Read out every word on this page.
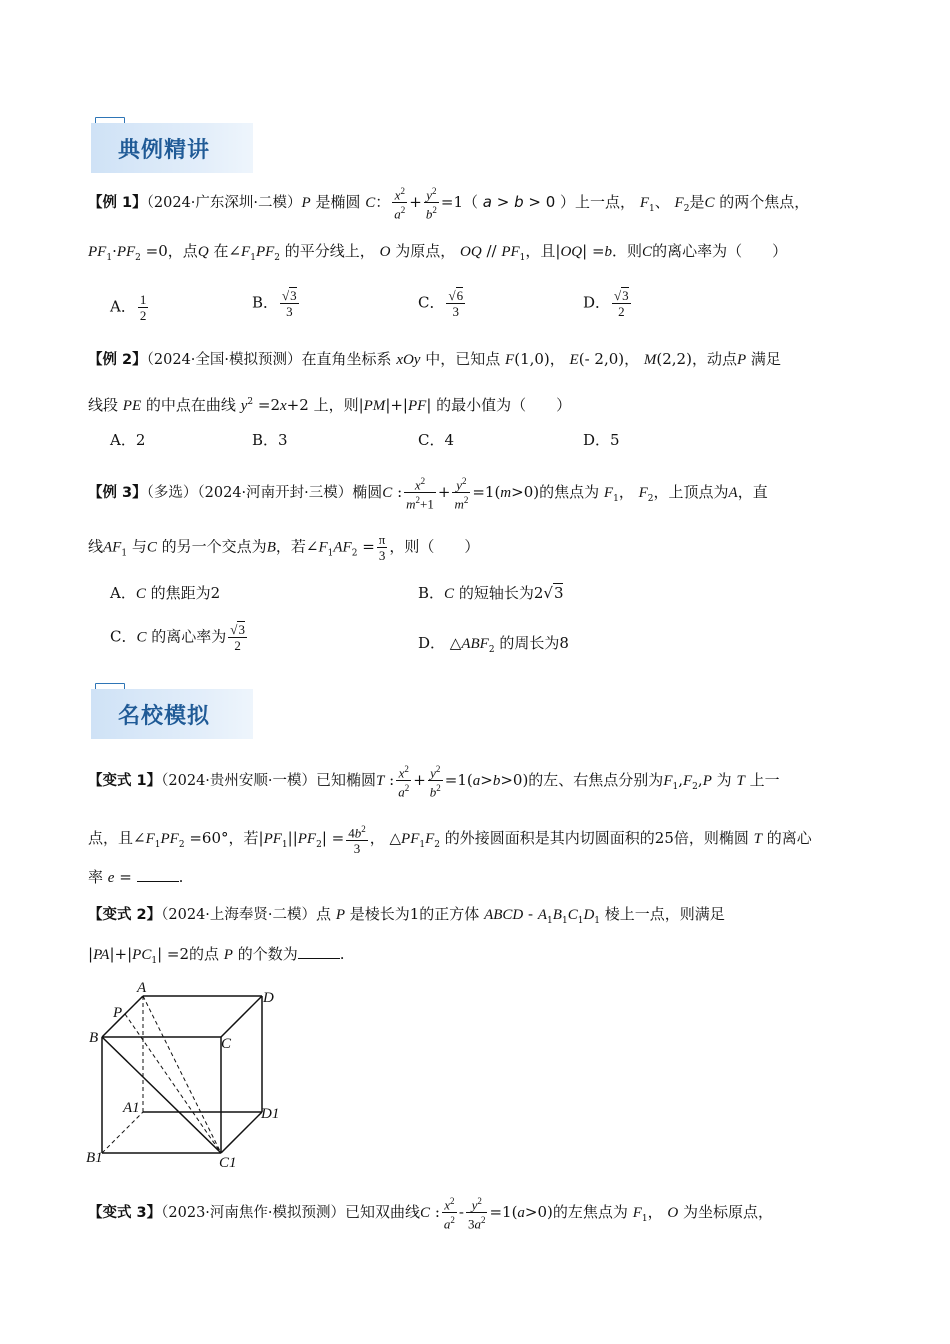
典例精讲
【例 1】（2024·广东深圳·二模）P 是椭圆 C： $\frac{x^2}{a^2} + \frac{y^2}{b^2} =1$（ a > b > 0 ）上一点， $F_1$、 $F_2$是C 的两个焦点，
$PF_1\cdot PF_2 =0$，点Q 在$\angle F_1PF_2$ 的平分线上， O 为原点， OQ // $PF_1$，且|OQ| =b．则C的离心率为（　　）
A． $\frac{1}{2}$	B． $\frac{√3}{3}$	C． $\frac{√6}{3}$	D． $\frac{√3}{2}$
【例 2】（2024·全国·模拟预测）在直角坐标系 xOy 中，已知点 F(1,0)， E(- 2,0)， M(2,2)，动点P 满足
线段 PE 的中点在曲线 $y^2 =2x+2$ 上，则|PM|+|PF| 的最小值为（　　）
A．2	B．3	C．4	D．5
【例 3】（多选）（2024·河南开封·三模）椭圆C : $\frac{x^2}{m^2+1} + \frac{y^2}{m^2} =1(m>0)$的焦点为 $F_1$， $F_2$，上顶点为A，直
线$AF_1$ 与C 的另一个交点为B，若$\angle F_1AF_2 = \frac{\pi}{3}$ ，则（　　）
A．C 的焦距为2	B．C 的短轴长为2√3
C．C 的离心率为 $\frac{√3}{2}$	D． $\triangle ABF_2$ 的周长为8
名校模拟
【变式 1】（2024·贵州安顺·一模）已知椭圆T : $\frac{x^2}{a^2} + \frac{y^2}{b^2} =1(a>b>0)$的左、右焦点分别为$F_1,F_2,P$ 为 T 上一
点，且$\angle F_1PF_2 =60^\circ$，若$|PF_1||PF_2| = \frac{4b^2}{3}$ ， $\triangle PF_1F_2$ 的外接圆面积是其内切圆面积的25倍，则椭圆 T 的离心
率 e =	.
【变式 2】（2024·上海奉贤·二模）点 P 是棱长为1的正方体 ABCD - $A_1B_1C_1D_1$ 棱上一点，则满足
$|PA|+|PC_1| =2$的点 P 的个数为	.
A
D
P
B	C
A1	D1
B1	C1
【变式 3】（2023·河南焦作·模拟预测）已知双曲线C : $\frac{x^2}{a^2} - \frac{y^2}{3a^2} =1(a>0)$的左焦点为 $F_1$， O 为坐标原点，
